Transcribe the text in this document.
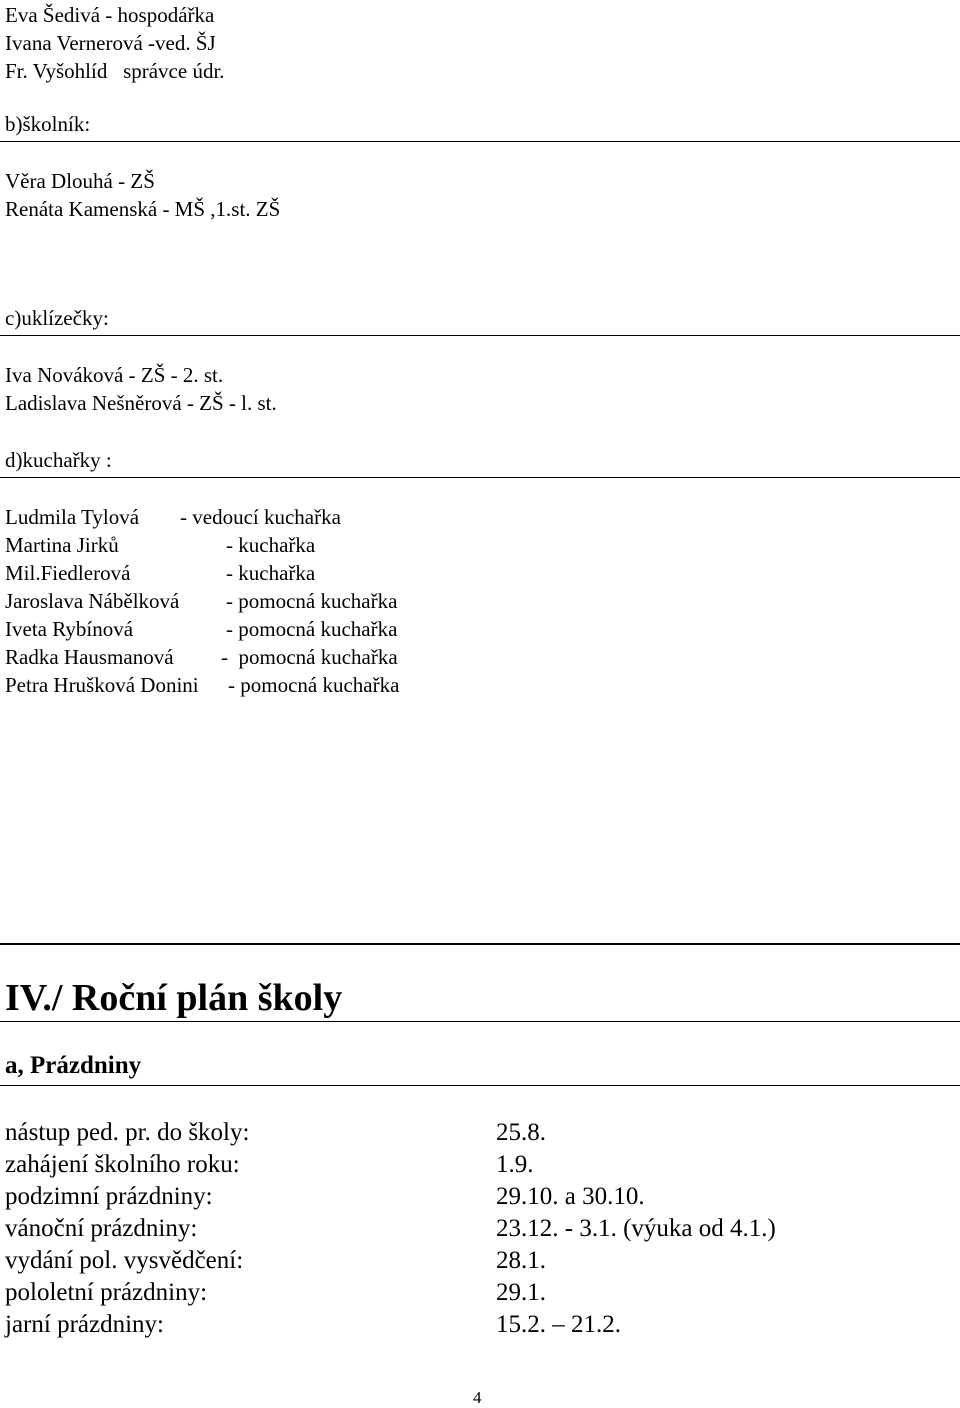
Eva Šedivá - hospodářka
Ivana Vernerová -ved. ŠJ
Fr. Vyšohlíd   správce údr.
b)školník:
Věra Dlouhá - ZŠ
Renáta Kamenská - MŠ ,1.st. ZŠ
c)uklízečky:
Iva Nováková - ZŠ - 2. st.
Ladislava Nešněrová - ZŠ - l. st.
d)kuchařky :
Ludmila Tylová - vedoucí kuchařka
Martina Jirků	- kuchařka
Mil.Fiedlerová	- kuchařka
Jaroslava Nábělková - pomocná kuchařka
Iveta Rybínová	- pomocná kuchařka
Radka Hausmanová -  pomocná kuchařka
Petra Hrušková Donini - pomocná kuchařka
IV./ Roční plán školy
a, Prázdniny
nástup ped. pr. do školy:	25.8.
zahájení školního roku:	1.9.
podzimní prázdniny:	29.10. a 30.10.
vánoční prázdniny:	23.12. - 3.1. (výuka od 4.1.)
vydání pol. vysvědčení:	28.1.
pololetní prázdniny:	29.1.
jarní prázdniny:	15.2. – 21.2.
4
